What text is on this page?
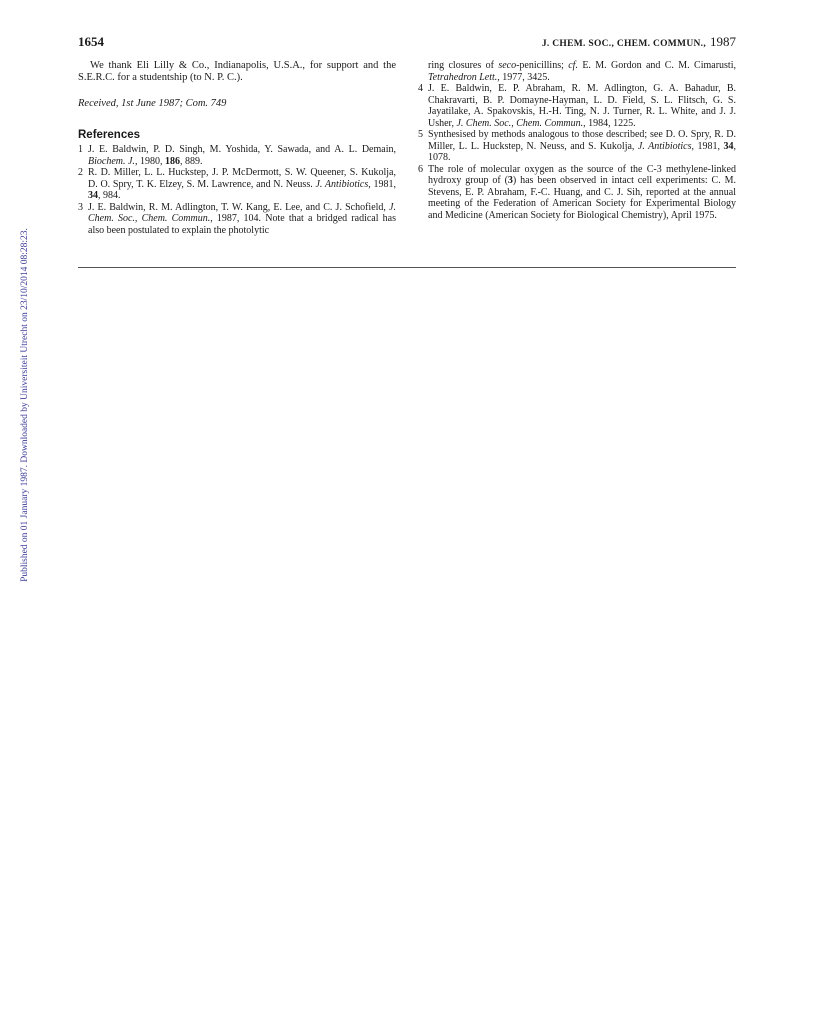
1654	J. CHEM. SOC., CHEM. COMMUN., 1987
Published on 01 January 1987. Downloaded by Universiteit Utrecht on 23/10/2014 08:28:23.

We thank Eli Lilly & Co., Indianapolis, U.S.A., for support and the S.E.R.C. for a studentship (to N. P. C.).

Received, 1st June 1987; Com. 749

References
1 J. E. Baldwin, P. D. Singh, M. Yoshida, Y. Sawada, and A. L. Demain, Biochem. J., 1980, 186, 889.
2 R. D. Miller, L. L. Huckstep, J. P. McDermott, S. W. Queener, S. Kukolja, D. O. Spry, T. K. Elzey, S. M. Lawrence, and N. Neuss. J. Antibiotics, 1981, 34, 984.
3 J. E. Baldwin, R. M. Adlington, T. W. Kang, E. Lee, and C. J. Schofield, J. Chem. Soc., Chem. Commun., 1987, 104. Note that a bridged radical has also been postulated to explain the photolytic

ring closures of seco-penicillins; cf. E. M. Gordon and C. M. Cimarusti, Tetrahedron Lett., 1977, 3425.

4 J. E. Baldwin, E. P. Abraham, R. M. Adlington, G. A. Bahadur, B. Chakravarti, B. P. Domayne-Hayman, L. D. Field, S. L. Flitsch, G. S. Jayatilake, A. Spakovskis, H.-H. Ting, N. J. Turner, R. L. White, and J. J. Usher, J. Chem. Soc., Chem. Commun., 1984, 1225.
5 Synthesised by methods analogous to those described; see D. O. Spry, R. D. Miller, L. L. Huckstep, N. Neuss, and S. Kukolja, J. Antibiotics, 1981, 34, 1078.
6 The role of molecular oxygen as the source of the C-3 methylene-linked hydroxy group of (3) has been observed in intact cell experiments: C. M. Stevens, E. P. Abraham, F.-C. Huang, and C. J. Sih, reported at the annual meeting of the Federation of American Society for Experimental Biology and Medicine (American Society for Biological Chemistry), April 1975.
